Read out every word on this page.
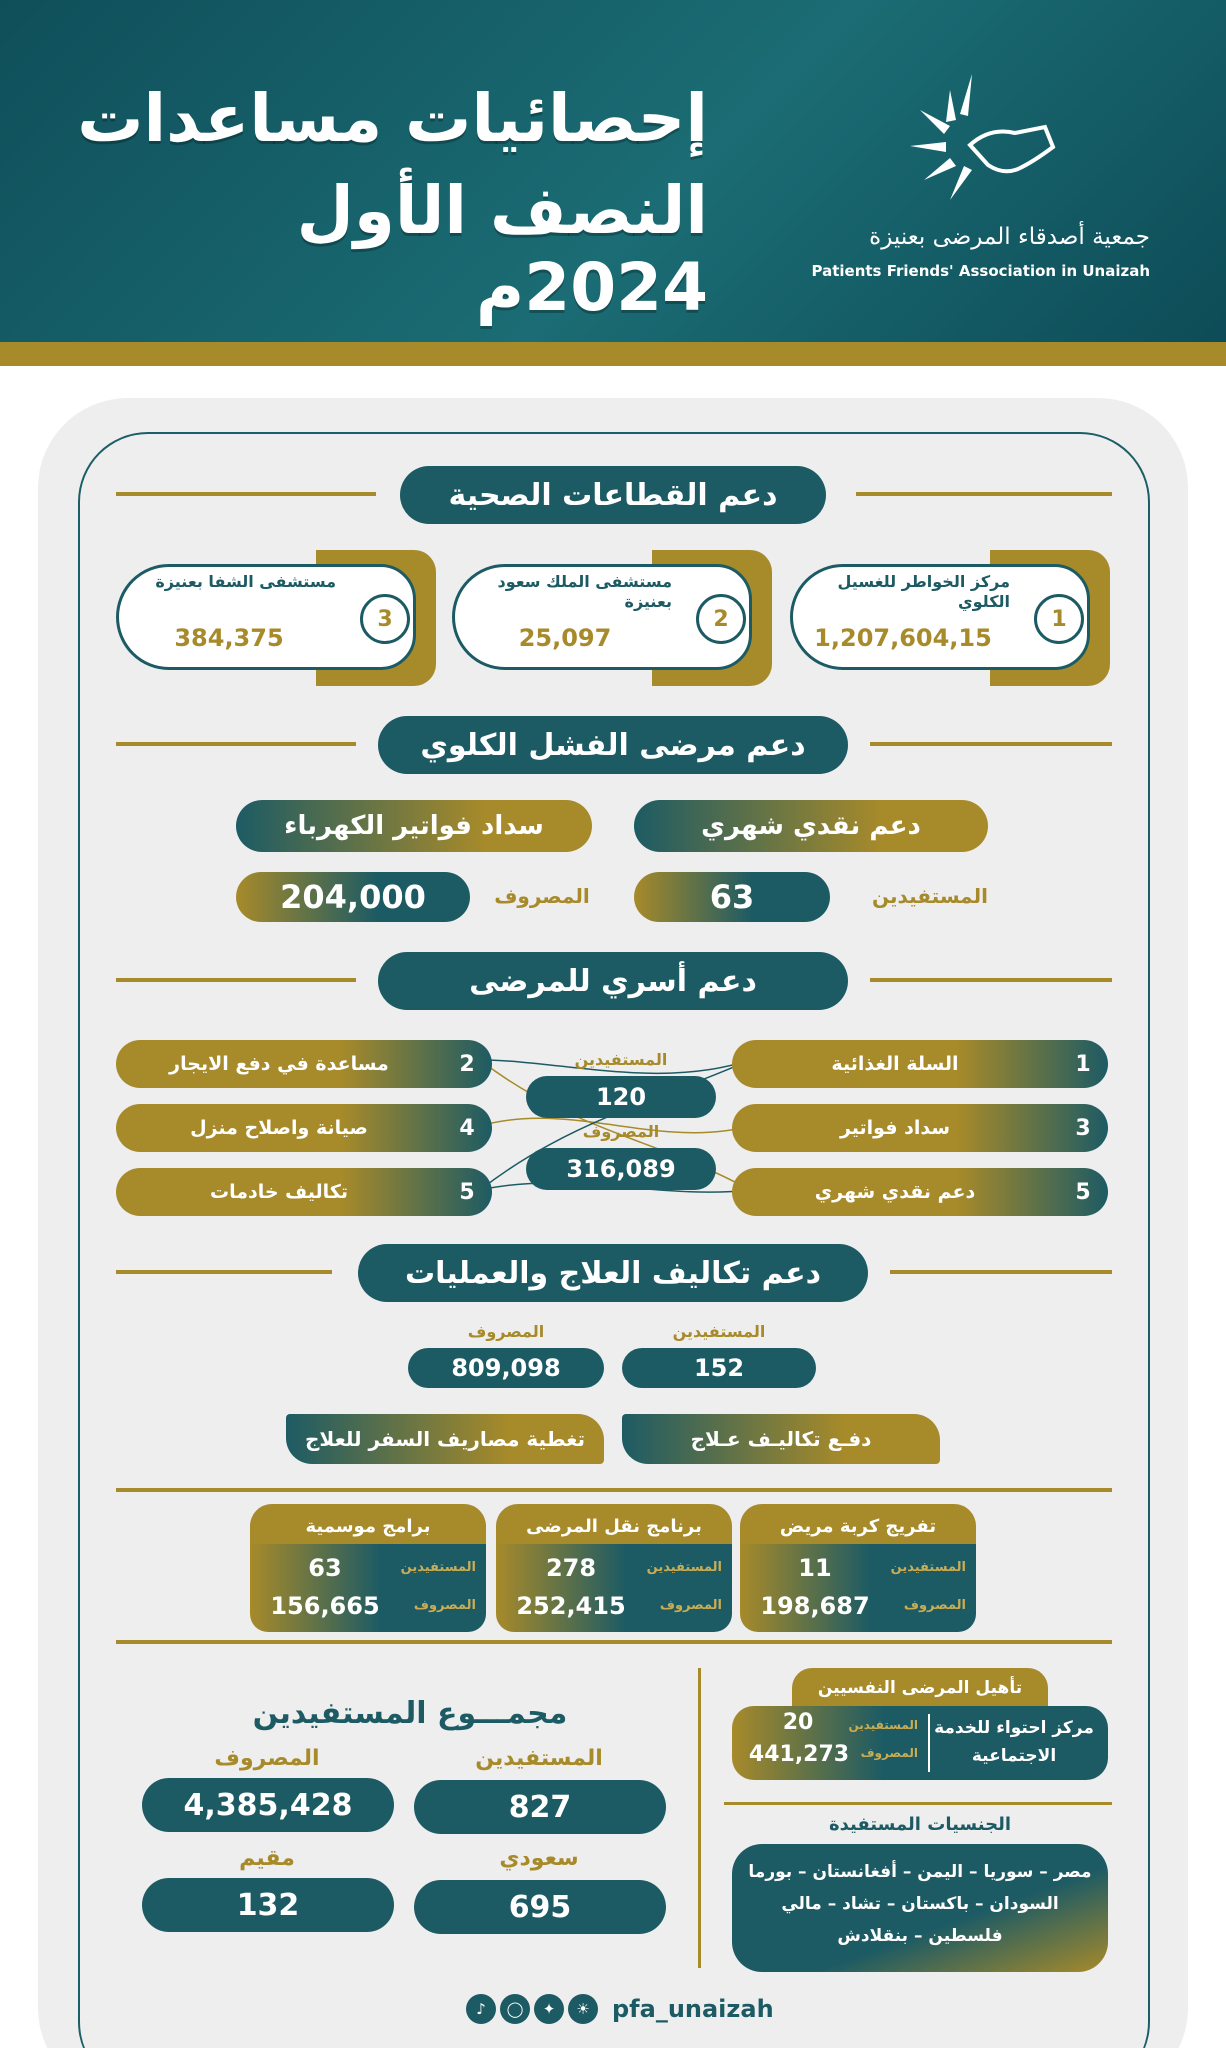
إحصائيات مساعدات
النصف الأول 2024م
جمعية أصدقاء المرضى بعنيزة
Patients Friends' Association in Unaizah
دعم القطاعات الصحية
1
مركز الخواطر للغسيل الكلوي
1,207,604,15
2
مستشفى الملك سعود بعنيزة
25,097
3
مستشفى الشفا بعنيزة
384,375
دعم مرضى الفشل الكلوي
دعم نقدي شهري
سداد فواتير الكهرباء
63	المستفيدين
204,000	المصروف
دعم أسري للمرضى
1
السلة الغذائية
3
سداد فواتير
5
دعم نقدي شهري
2
مساعدة في دفع الايجار
4
صيانة واصلاح منزل
5
تكاليف خادمات
المستفيدين
120
المصروف
316,089
دعم تكاليف العلاج والعمليات
المستفيدين
152
المصروف
809,098
دفـع تكاليـف عـلاج
تغطية مصاريف السفر للعلاج
تفريج كربة مريض
المستفيدين
11
المصروف
198,687
برنامج نقل المرضى
المستفيدين
278
المصروف
252,415
برامج موسمية
المستفيدين
63
المصروف
156,665
تأهيل المرضى النفسيين
مركز احتواء للخدمة الاجتماعية
المستفيدين
20
المصروف
441,273
الجنسيات المستفيدة
مصر – سوريا – اليمن – أفغانستان – بورما
السودان – باكستان – تشاد – مالي
فلسطين – بنقلادش
مجمـــوع المستفيدين
المستفيدين
827
المصروف
4,385,428
سعودي
695
مقيم
132
♪	◯	✦	☀ pfa_unaizah
